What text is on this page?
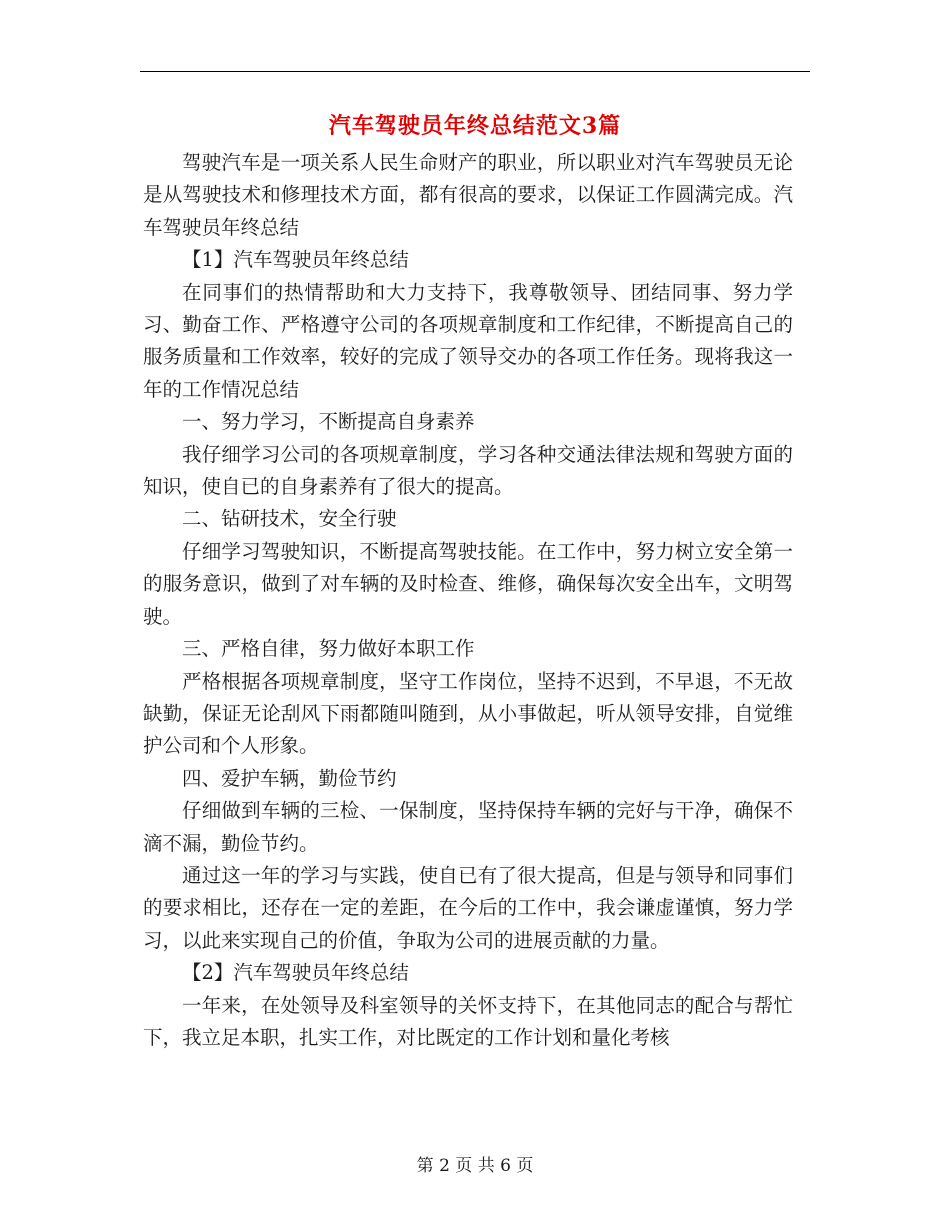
汽车驾驶员年终总结范文3篇

驾驶汽车是一项关系人民生命财产的职业，所以职业对汽车驾驶员无论是从驾驶技术和修理技术方面，都有很高的要求，以保证工作圆满完成。汽车驾驶员年终总结

【1】汽车驾驶员年终总结

在同事们的热情帮助和大力支持下，我尊敬领导、团结同事、努力学习、勤奋工作、严格遵守公司的各项规章制度和工作纪律，不断提高自己的服务质量和工作效率，较好的完成了领导交办的各项工作任务。现将我这一年的工作情况总结

一、努力学习，不断提高自身素养

我仔细学习公司的各项规章制度，学习各种交通法律法规和驾驶方面的知识，使自已的自身素养有了很大的提高。

二、钻研技术，安全行驶

仔细学习驾驶知识，不断提高驾驶技能。在工作中，努力树立安全第一的服务意识，做到了对车辆的及时检查、维修，确保每次安全出车，文明驾驶。

三、严格自律，努力做好本职工作

严格根据各项规章制度，坚守工作岗位，坚持不迟到，不早退，不无故缺勤，保证无论刮风下雨都随叫随到，从小事做起，听从领导安排，自觉维护公司和个人形象。

四、爱护车辆，勤俭节约

仔细做到车辆的三检、一保制度，坚持保持车辆的完好与干净，确保不滴不漏，勤俭节约。

通过这一年的学习与实践，使自已有了很大提高，但是与领导和同事们的要求相比，还存在一定的差距，在今后的工作中，我会谦虚谨慎，努力学习，以此来实现自己的价值，争取为公司的进展贡献的力量。

【2】汽车驾驶员年终总结

一年来，在处领导及科室领导的关怀支持下，在其他同志的配合与帮忙下，我立足本职，扎实工作，对比既定的工作计划和量化考核

第 2 页 共 6 页
